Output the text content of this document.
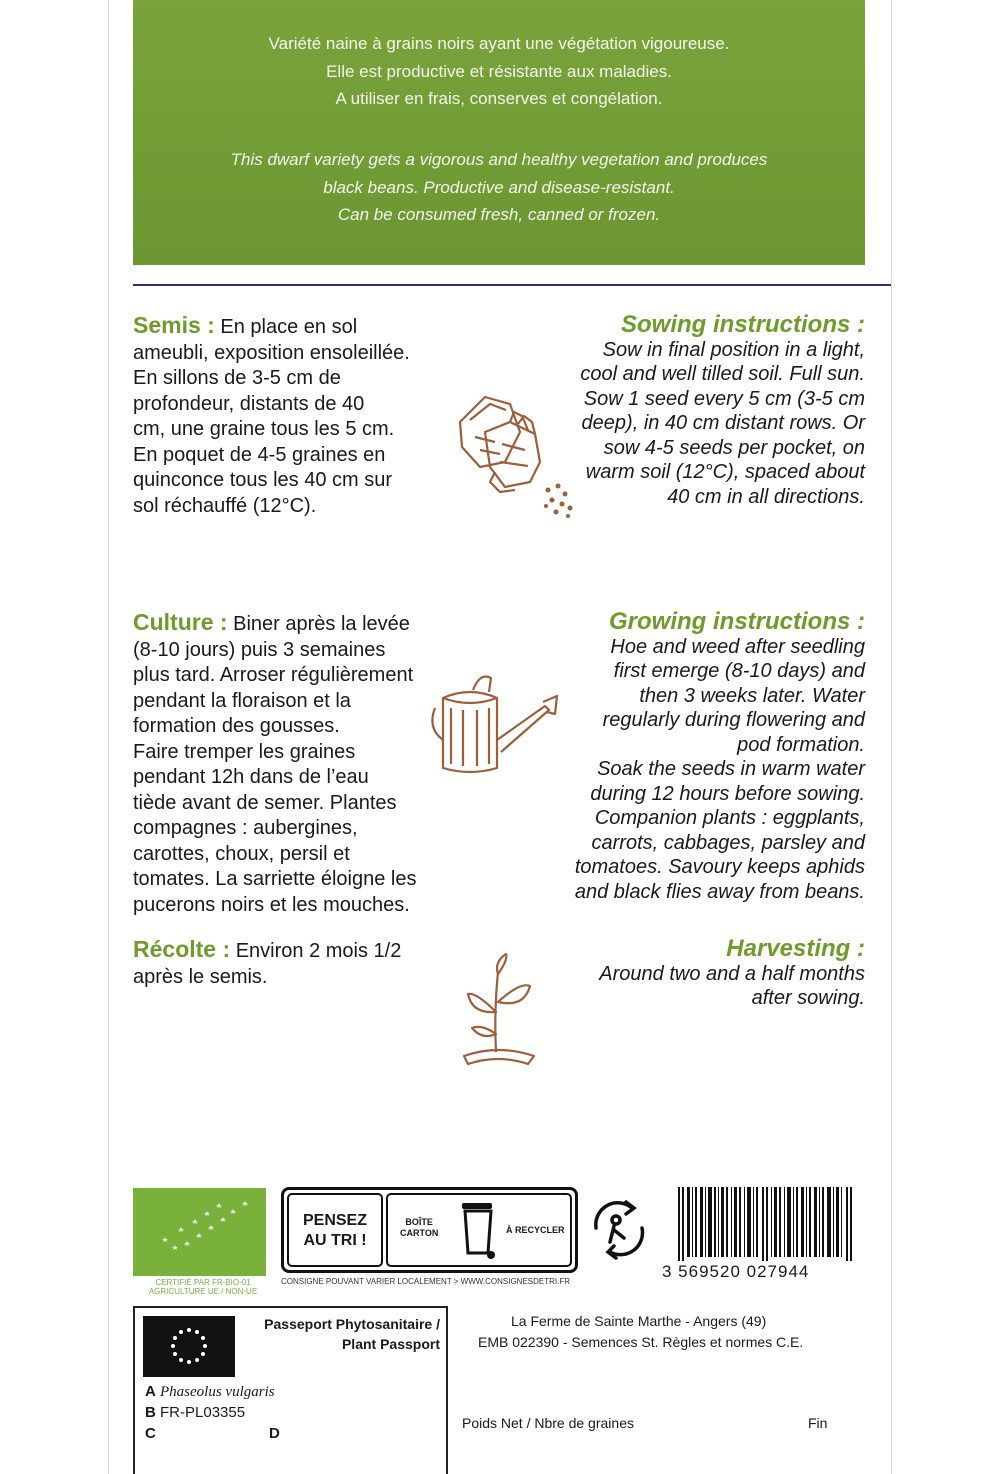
Variété naine à grains noirs ayant une végétation vigoureuse.
Elle est productive et résistante aux maladies.
A utiliser en frais, conserves et congélation.
This dwarf variety gets a vigorous and healthy vegetation and produces
black beans. Productive and disease-resistant.
Can be consumed fresh, canned or frozen.
Semis : En place en sol
ameubli, exposition ensoleillée.
En sillons de 3-5 cm de
profondeur, distants de 40
cm, une graine tous les 5 cm.
En poquet de 4-5 graines en
quinconce tous les 40 cm sur
sol réchauffé (12°C).
Sowing instructions :
Sow in final position in a light,
cool and well tilled soil. Full sun.
Sow 1 seed every 5 cm (3-5 cm
deep), in 40 cm distant rows. Or
sow 4-5 seeds per pocket, on
warm soil (12°C), spaced about
40 cm in all directions.
Culture : Biner après la levée
(8-10 jours) puis 3 semaines
plus tard. Arroser régulièrement
pendant la floraison et la
formation des gousses.
Faire tremper les graines
pendant 12h dans de l’eau
tiède avant de semer. Plantes
compagnes : aubergines,
carottes, choux, persil et
tomates. La sarriette éloigne les
pucerons noirs et les mouches.
Growing instructions :
Hoe and weed after seedling
first emerge (8-10 days) and
then 3 weeks later. Water
regularly during flowering and
pod formation.
Soak the seeds in warm water
during 12 hours before sowing.
Companion plants : eggplants,
carrots, cabbages, parsley and
tomatoes. Savoury keeps aphids
and black flies away from beans.
Récolte : Environ 2 mois 1/2
après le semis.
Harvesting :
Around two and a half months
after sowing.
CERTIFIÉ PAR FR-BIO-01
AGRICULTURE UE / NON-UE
PENSEZ
AU TRI !
BOÎTE
CARTON	À RECYCLER
CONSIGNE POUVANT VARIER LOCALEMENT > WWW.CONSIGNESDETRI.FR
3 569520 027944
Passeport Phytosanitaire /
Plant Passport
A Phaseolus vulgaris
B FR-PL03355
C	D
La Ferme de Sainte Marthe - Angers (49)
EMB 022390 - Semences St. Règles et normes C.E.
Poids Net / Nbre de graines	Fin
